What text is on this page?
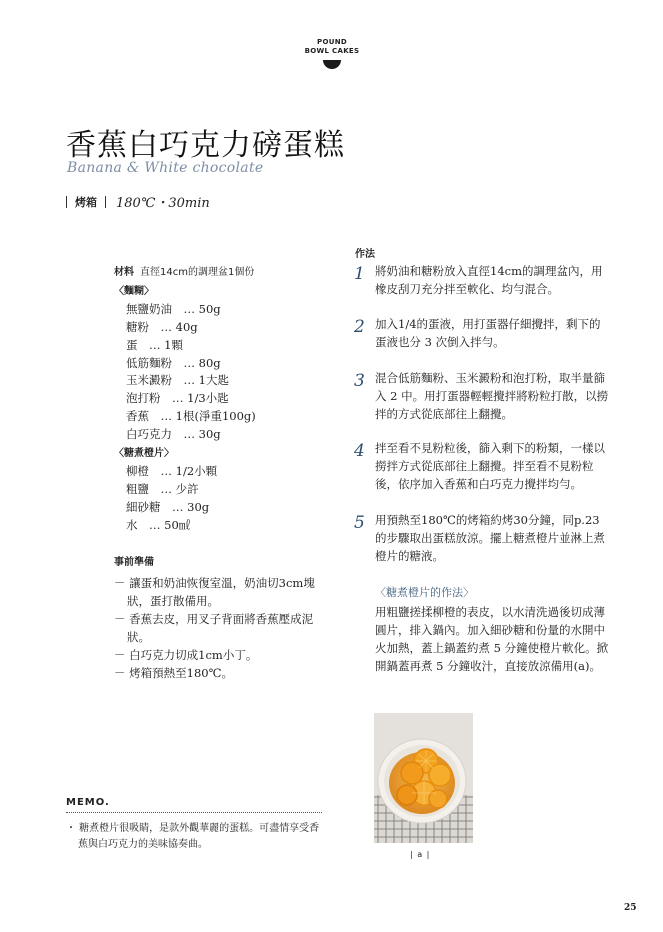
POUND
BOWL CAKES
香蕉白巧克力磅蛋糕
Banana & White chocolate
烤箱 180℃・30min
材料 直徑14cm的調理盆1個份
〈麵糊〉
無鹽奶油　… 50g
糖粉　… 40g
蛋　… 1顆
低筋麵粉　… 80g
玉米澱粉　… 1大匙
泡打粉　… 1/3小匙
香蕉　… 1根(淨重100g)
白巧克力　… 30g
〈糖煮橙片〉
柳橙　… 1/2小顆
粗鹽　… 少許
細砂糖　… 30g
水　… 50㎖
事前準備
－ 讓蛋和奶油恢復室溫，奶油切3cm塊狀，蛋打散備用。
－ 香蕉去皮，用叉子背面將香蕉壓成泥狀。
－ 白巧克力切成1cm小丁。
－ 烤箱預熱至180℃。
MEMO.
・ 糖煮橙片很吸睛，是款外觀華麗的蛋糕。可盡情享受香蕉與白巧克力的美味協奏曲。
作法
1 將奶油和糖粉放入直徑14cm的調理盆內，用橡皮刮刀充分拌至軟化、均勻混合。
2 加入1/4的蛋液，用打蛋器仔細攪拌，剩下的蛋液也分 3 次倒入拌勻。
3 混合低筋麵粉、玉米澱粉和泡打粉，取半量篩入 2 中。用打蛋器輕輕攪拌將粉粒打散，以撈拌的方式從底部往上翻攪。
4 拌至看不見粉粒後，篩入剩下的粉類，一樣以撈拌方式從底部往上翻攪。拌至看不見粉粒後，依序加入香蕉和白巧克力攪拌均勻。
5 用預熱至180℃的烤箱約烤30分鐘，同p.23的步驟取出蛋糕放涼。擺上糖煮橙片並淋上煮橙片的糖液。
〈糖煮橙片的作法〉
用粗鹽搓揉柳橙的表皮，以水清洗過後切成薄圓片，排入鍋內。加入細砂糖和份量的水開中火加熱，蓋上鍋蓋約煮 5 分鐘使橙片軟化。掀開鍋蓋再煮 5 分鐘收汁，直接放涼備用(a)。
| a |
25
